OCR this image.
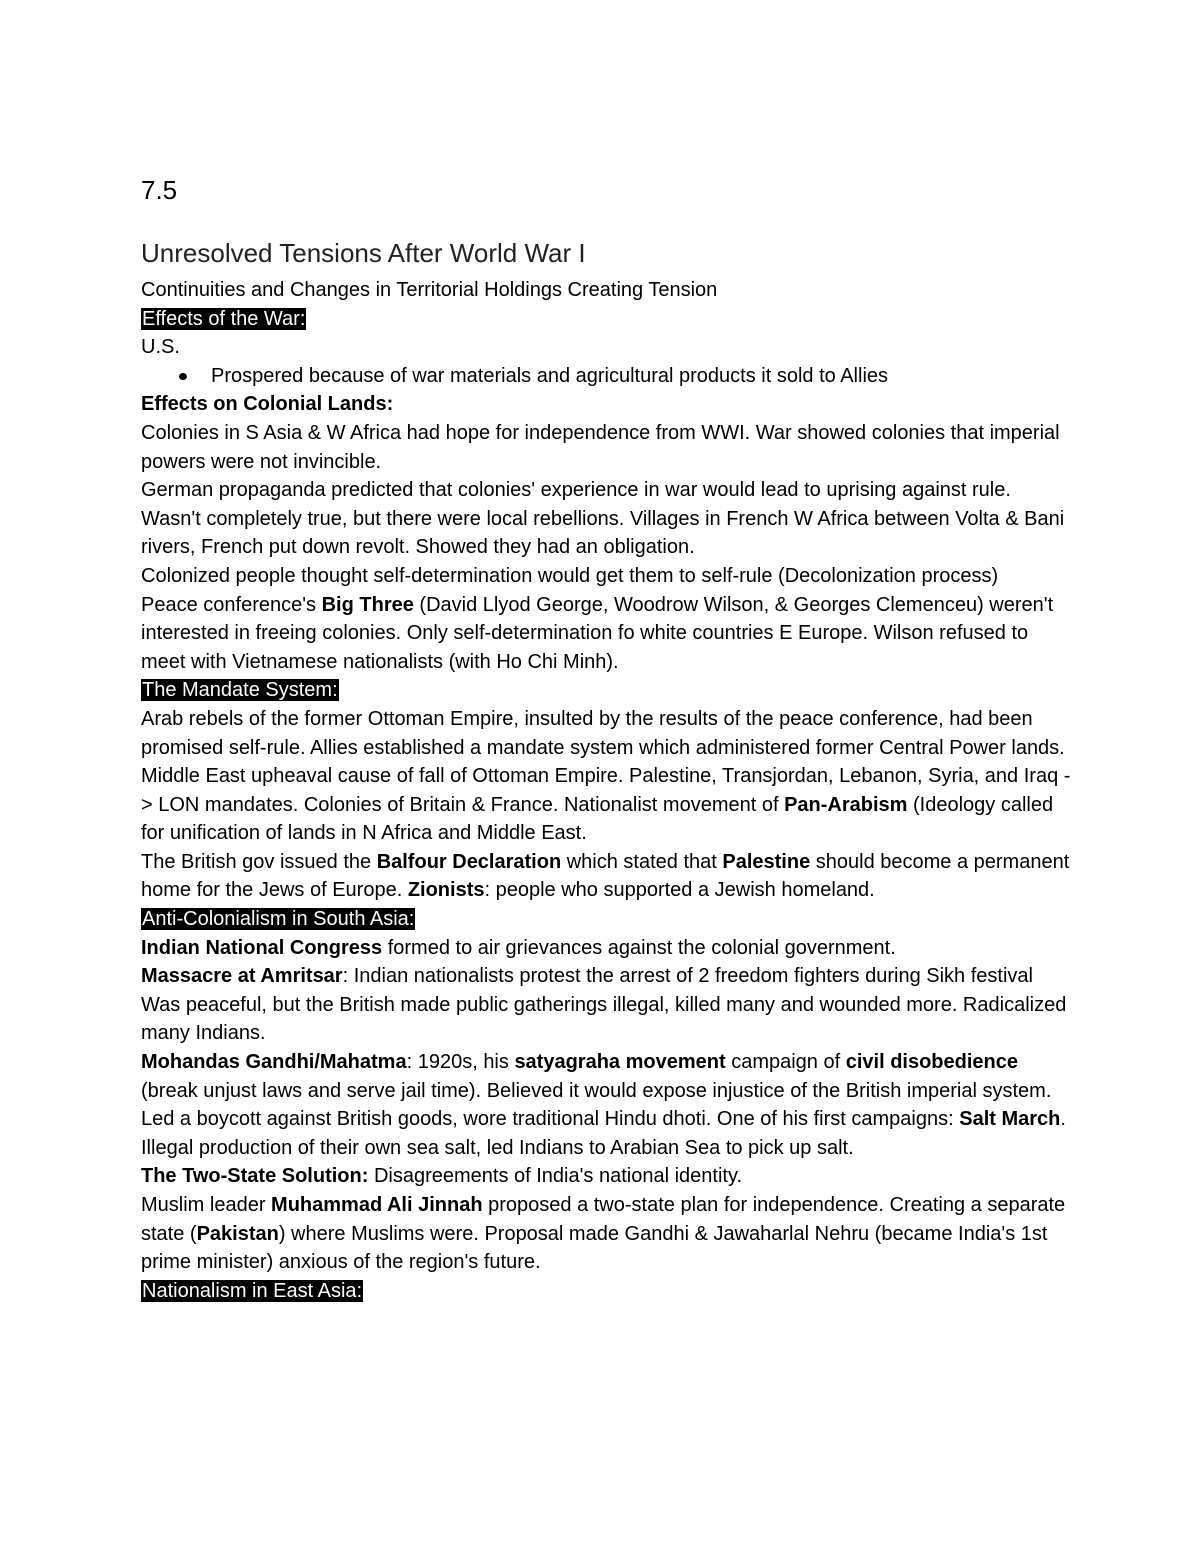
7.5
Unresolved Tensions After World War I

Continuities and Changes in Territorial Holdings Creating Tension

Effects of the War:

U.S.

Prospered because of war materials and agricultural products it sold to Allies

Effects on Colonial Lands:

Colonies in S Asia & W Africa had hope for independence from WWI. War showed colonies that imperial powers were not invincible.

German propaganda predicted that colonies' experience in war would lead to uprising against rule. Wasn't completely true, but there were local rebellions. Villages in French W Africa between Volta & Bani rivers, French put down revolt. Showed they had an obligation.

Colonized people thought self-determination would get them to self-rule (Decolonization process)

Peace conference's Big Three (David Llyod George, Woodrow Wilson, & Georges Clemenceu) weren't interested in freeing colonies. Only self-determination fo white countries E Europe. Wilson refused to meet with Vietnamese nationalists (with Ho Chi Minh).

The Mandate System:

Arab rebels of the former Ottoman Empire, insulted by the results of the peace conference, had been promised self-rule. Allies established a mandate system which administered former Central Power lands.

Middle East upheaval cause of fall of Ottoman Empire. Palestine, Transjordan, Lebanon, Syria, and Iraq -> LON mandates. Colonies of Britain & France. Nationalist movement of Pan-Arabism (Ideology called for unification of lands in N Africa and Middle East.

The British gov issued the Balfour Declaration which stated that Palestine should become a permanent home for the Jews of Europe. Zionists: people who supported a Jewish homeland.

Anti-Colonialism in South Asia:

Indian National Congress formed to air grievances against the colonial government.

Massacre at Amritsar: Indian nationalists protest the arrest of 2 freedom fighters during Sikh festival Was peaceful, but the British made public gatherings illegal, killed many and wounded more. Radicalized many Indians.

Mohandas Gandhi/Mahatma: 1920s, his satyagraha movement campaign of civil disobedience (break unjust laws and serve jail time). Believed it would expose injustice of the British imperial system. Led a boycott against British goods, wore traditional Hindu dhoti. One of his first campaigns: Salt March. Illegal production of their own sea salt, led Indians to Arabian Sea to pick up salt.

The Two-State Solution: Disagreements of India's national identity.

Muslim leader Muhammad Ali Jinnah proposed a two-state plan for independence. Creating a separate state (Pakistan) where Muslims were. Proposal made Gandhi & Jawaharlal Nehru (became India's 1st prime minister) anxious of the region's future.

Nationalism in East Asia:
